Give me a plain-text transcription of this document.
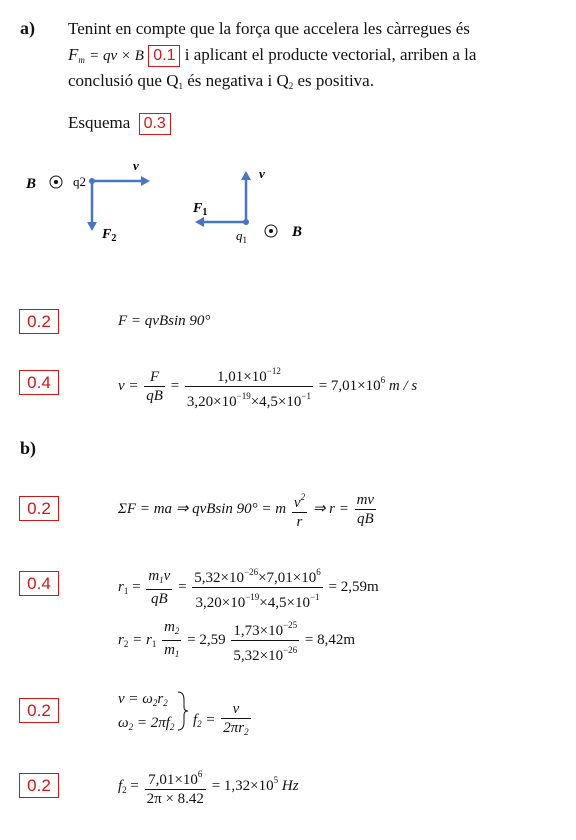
a) Tenint en compte que la força que accelera les càrregues és
$F_m$ = qv × B 0.1 i aplicant el producte vectorial, arriben a la
conclusió que $Q_1$ és negativa i $Q_2$ es positiva.
Esquema 0.3
B	q2
v
$F_2$
v
$F_1$
$q_1$	B
0.2
0.4
0.2
0.4
0.2
0.2
F = qvBsin 90°
$v = \frac{F}{qB} = \frac{1,01\times 10^{-12}}{3,20\times 10^{-19}\times 4,5\times 10^{-1}} = 7,01\times 10^6$ m / s
b)
ΣF = ma ⇒ qvBsin 90° = m $\frac{v^2}{r}$ ⇒ $r = \frac{mv}{qB}$
$r_1 = \frac{m_1v}{qB} = \frac{5,32\times 10^{-26}\times 7,01\times 10^6}{3,20\times 10^{-19}\times 4,5\times 10^{-1}} = 2,59m$
$r_2 = r_1 \frac{m_2}{m_1} = 2,59 \frac{1,73\times 10^{-25}}{5,32\times 10^{-26}} = 8,42m$
$v = \omega_2r_2$
$\omega_2 = 2\pi f_2$ $f_2 = \frac{v}{2\pi r_2}$
$f_2 = \frac{7,01\times 10^6}{2\pi \times 8.42} = 1,32\times 10^5$ Hz
